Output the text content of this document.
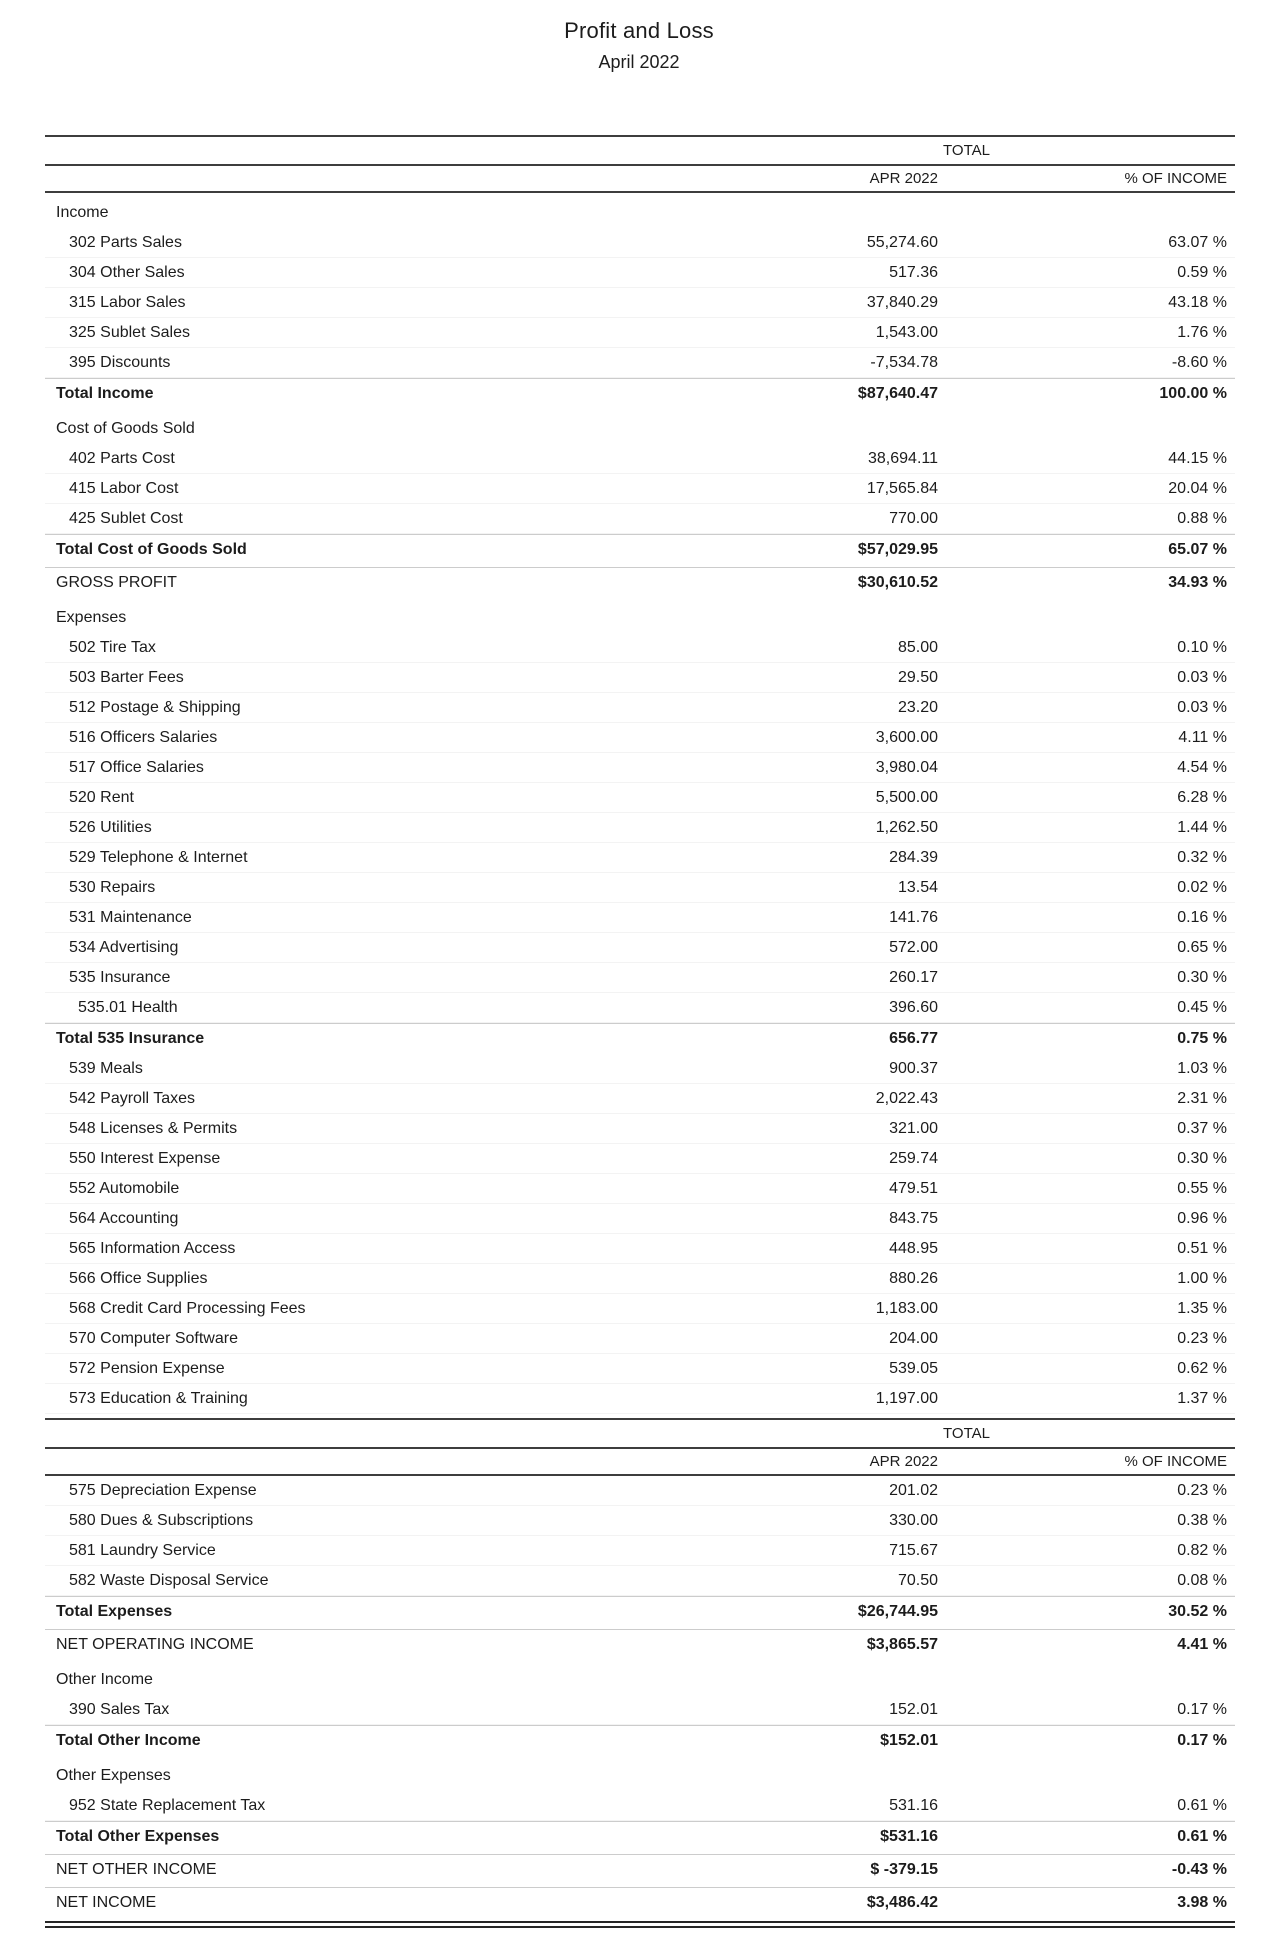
Profit and Loss
April 2022
TOTAL
APR 2022	% OF INCOME
Income
302 Parts Sales	55,274.60	63.07 %
304 Other Sales	517.36	0.59 %
315 Labor Sales	37,840.29	43.18 %
325 Sublet Sales	1,543.00	1.76 %
395 Discounts	-7,534.78	-8.60 %
Total Income	$87,640.47	100.00 %
Cost of Goods Sold
402 Parts Cost	38,694.11	44.15 %
415 Labor Cost	17,565.84	20.04 %
425 Sublet Cost	770.00	0.88 %
Total Cost of Goods Sold	$57,029.95	65.07 %
GROSS PROFIT	$30,610.52	34.93 %
Expenses
502 Tire Tax	85.00	0.10 %
503 Barter Fees	29.50	0.03 %
512 Postage & Shipping	23.20	0.03 %
516 Officers Salaries	3,600.00	4.11 %
517 Office Salaries	3,980.04	4.54 %
520 Rent	5,500.00	6.28 %
526 Utilities	1,262.50	1.44 %
529 Telephone & Internet	284.39	0.32 %
530 Repairs	13.54	0.02 %
531 Maintenance	141.76	0.16 %
534 Advertising	572.00	0.65 %
535 Insurance	260.17	0.30 %
535.01 Health	396.60	0.45 %
Total 535 Insurance	656.77	0.75 %
539 Meals	900.37	1.03 %
542 Payroll Taxes	2,022.43	2.31 %
548 Licenses & Permits	321.00	0.37 %
550 Interest Expense	259.74	0.30 %
552 Automobile	479.51	0.55 %
564 Accounting	843.75	0.96 %
565 Information Access	448.95	0.51 %
566 Office Supplies	880.26	1.00 %
568 Credit Card Processing Fees	1,183.00	1.35 %
570 Computer Software	204.00	0.23 %
572 Pension Expense	539.05	0.62 %
573 Education & Training	1,197.00	1.37 %
TOTAL
APR 2022	% OF INCOME
575 Depreciation Expense	201.02	0.23 %
580 Dues & Subscriptions	330.00	0.38 %
581 Laundry Service	715.67	0.82 %
582 Waste Disposal Service	70.50	0.08 %
Total Expenses	$26,744.95	30.52 %
NET OPERATING INCOME	$3,865.57	4.41 %
Other Income
390 Sales Tax	152.01	0.17 %
Total Other Income	$152.01	0.17 %
Other Expenses
952 State Replacement Tax	531.16	0.61 %
Total Other Expenses	$531.16	0.61 %
NET OTHER INCOME	$ -379.15	-0.43 %
NET INCOME	$3,486.42	3.98 %
